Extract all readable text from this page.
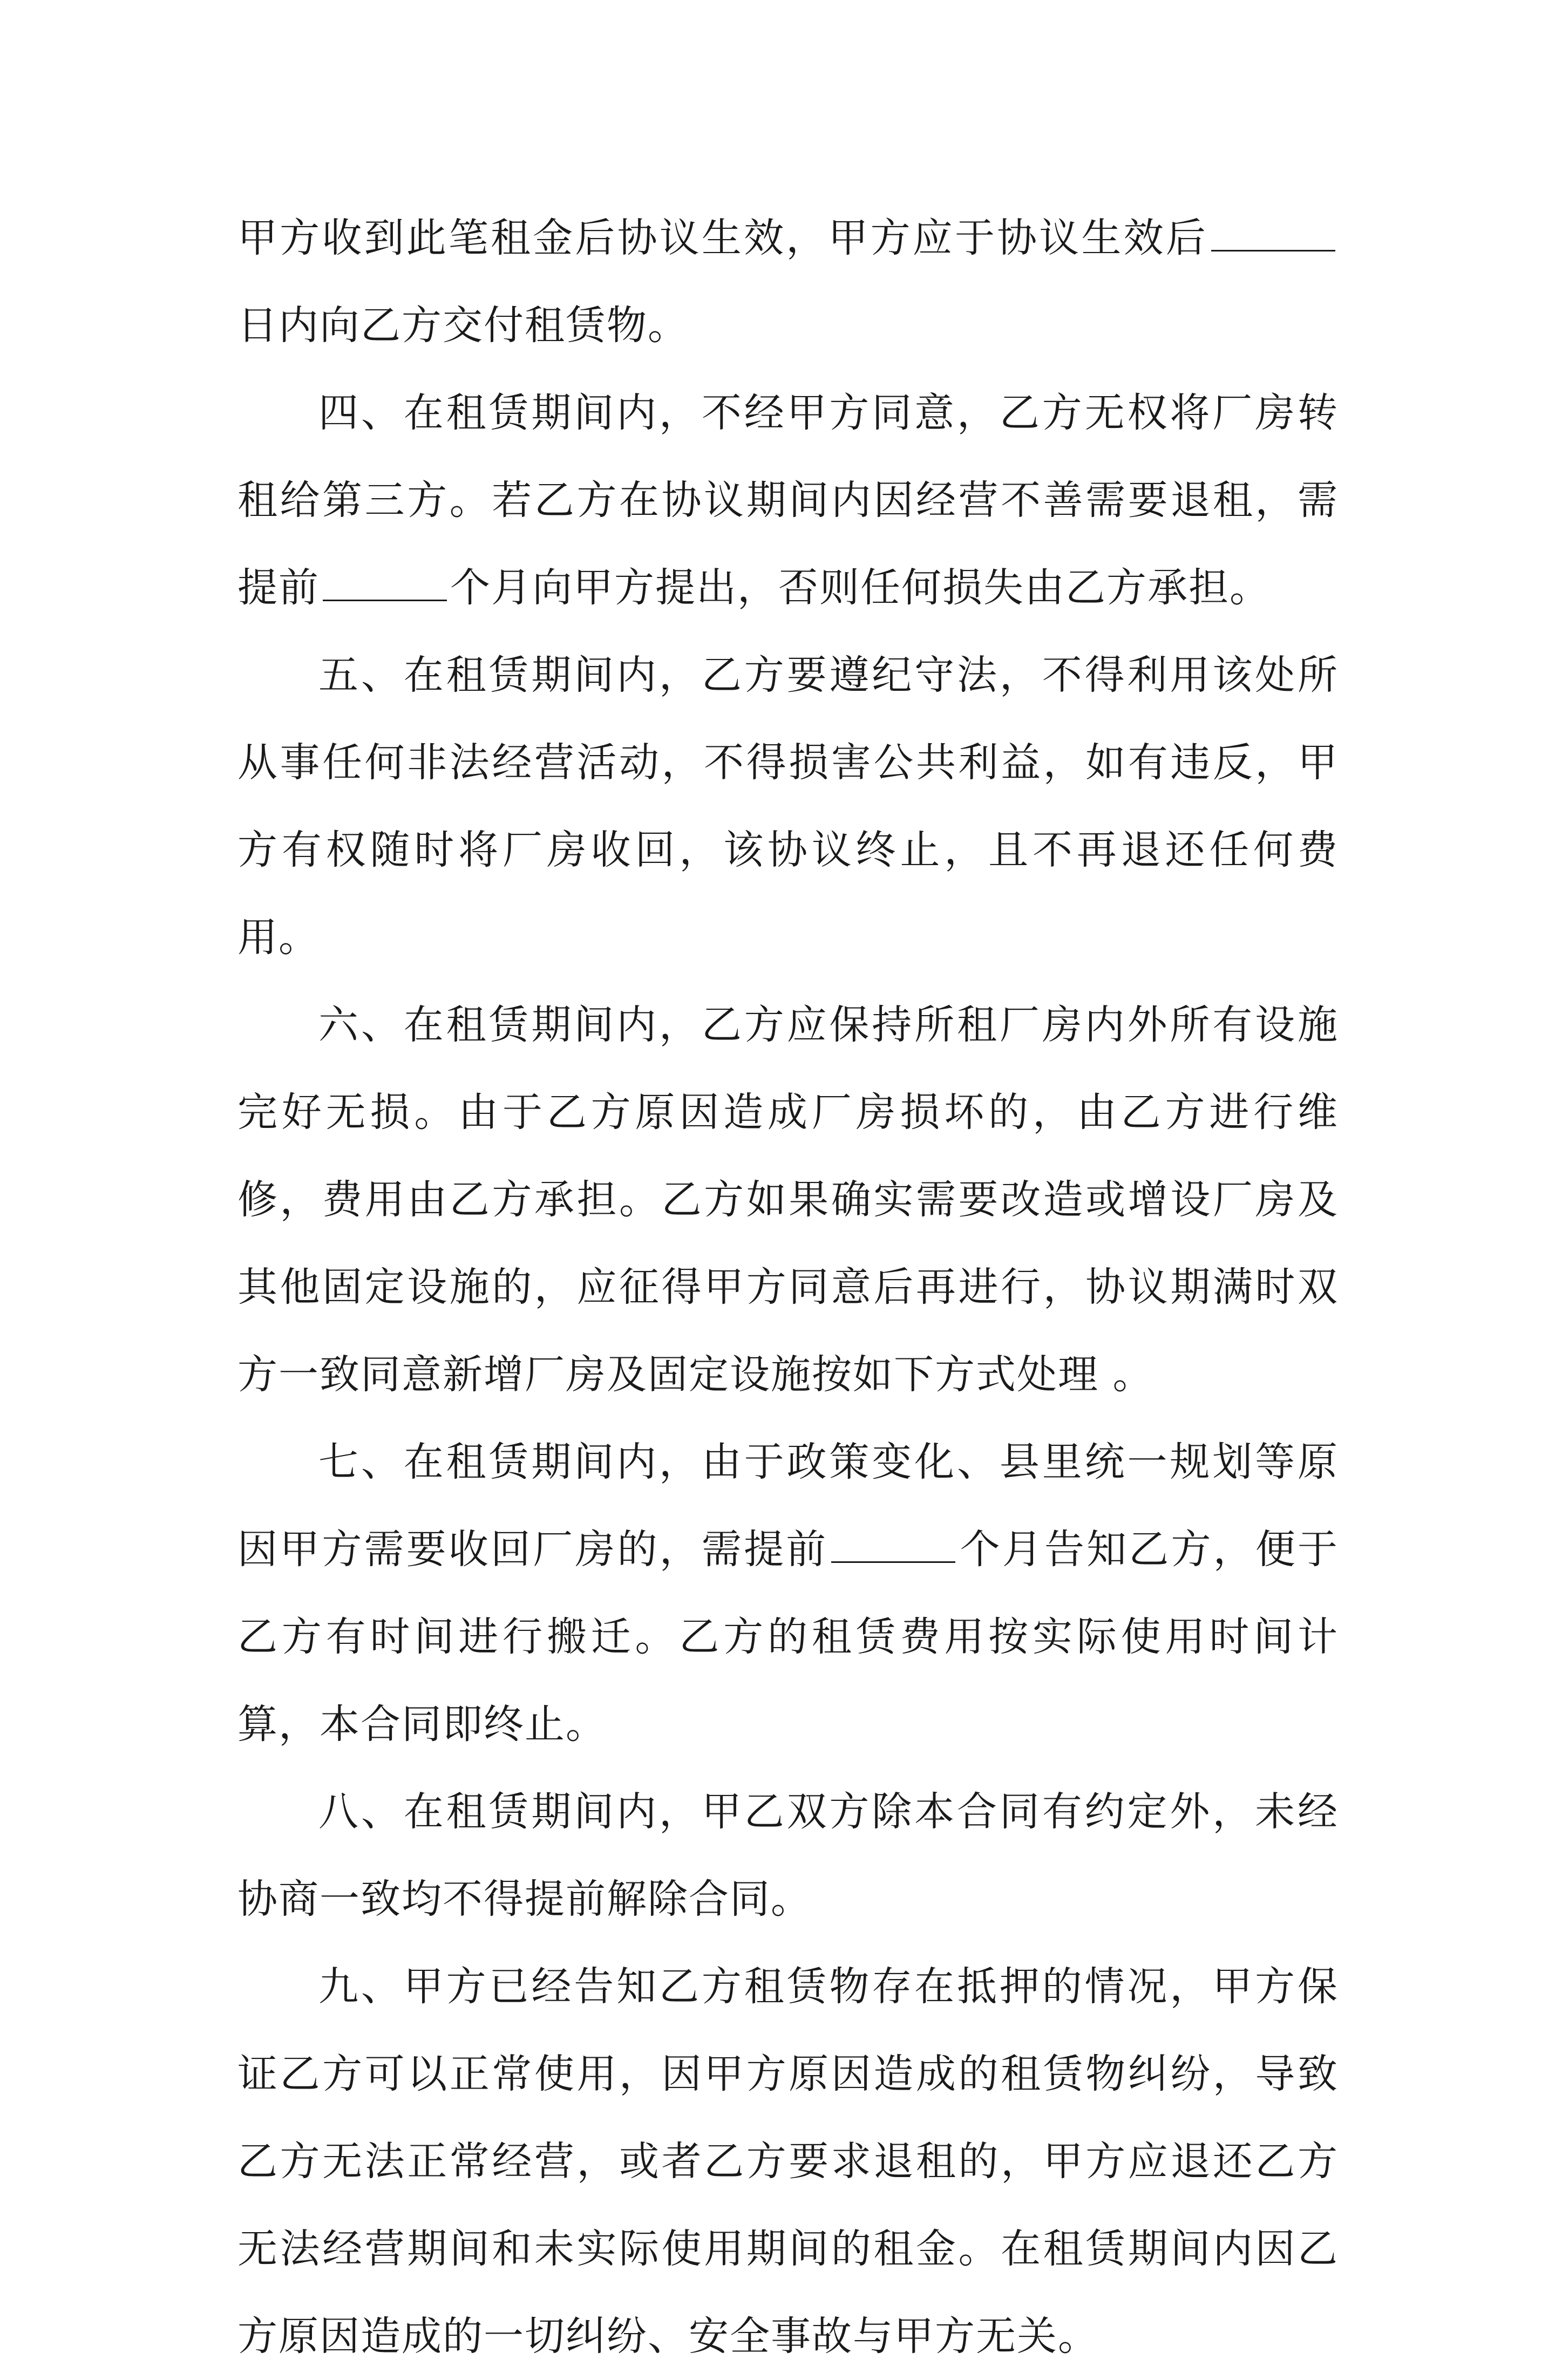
甲方收到此笔租金后协议生效，甲方应于协议生效后日内向乙方交付租赁物。

四、在租赁期间内，不经甲方同意，乙方无权将厂房转租给第三方。若乙方在协议期间内因经营不善需要退租，需提前	个月向甲方提出，否则任何损失由乙方承担。

五、在租赁期间内，乙方要遵纪守法，不得利用该处所从事任何非法经营活动，不得损害公共利益，如有违反，甲方有权随时将厂房收回，该协议终止，且不再退还任何费用。

六、在租赁期间内，乙方应保持所租厂房内外所有设施完好无损。由于乙方原因造成厂房损坏的，由乙方进行维修，费用由乙方承担。乙方如果确实需要改造或增设厂房及其他固定设施的，应征得甲方同意后再进行，协议期满时双方一致同意新增厂房及固定设施按如下方式处理 。

七、在租赁期间内，由于政策变化、县里统一规划等原因甲方需要收回厂房的，需提前	个月告知乙方，便于乙方有时间进行搬迁。乙方的租赁费用按实际使用时间计算，本合同即终止。

八、在租赁期间内，甲乙双方除本合同有约定外，未经协商一致均不得提前解除合同。

九、甲方已经告知乙方租赁物存在抵押的情况，甲方保证乙方可以正常使用，因甲方原因造成的租赁物纠纷，导致乙方无法正常经营，或者乙方要求退租的，甲方应退还乙方无法经营期间和未实际使用期间的租金。在租赁期间内因乙方原因造成的一切纠纷、安全事故与甲方无关。
